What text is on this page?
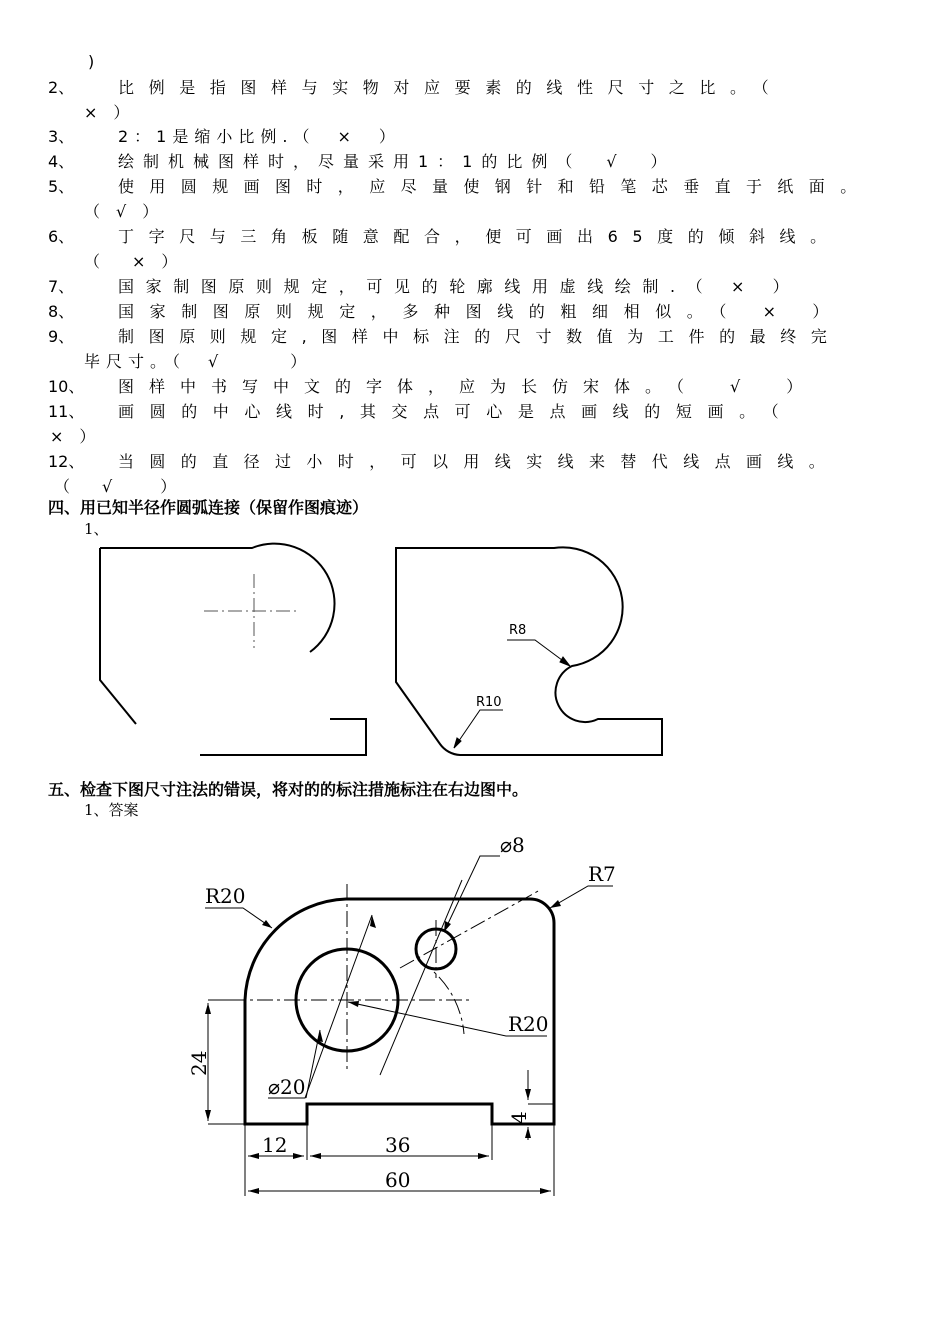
)
2、	比例是指图样与实物对应要素的线性尺寸之比。（
×　）
3、	2：1是缩小比例.（　×　）
4、	绘制机械图样时，尽量采用1：1的比例（　√　）
5、	使用圆规画图时，应尽量使钢针和铅笔芯垂直于纸面。
（　√　）
6、	丁字尺与三角板随意配合，便可画出65度的倾斜线。
（　　×　）
7、	国家制图原则规定，可见的轮廓线用虚线绘制.（ × ）
8、	国家制图原则规定，多种图线的粗细相似。（ × ）
9、	制图原则规定,图样中标注的尺寸数值为工件的最终完
毕尺寸。（　√　　　）
10、 图样中书写中文的字体，应为长仿宋体。（　√　）
11、 画圆的中心线时,其交点可心是点画线的短画。（
×　）
12、 当圆的直径过小时，可以用线实线来替代线点画线。
（　　√　　　）
四、用已知半径作圆弧连接（保留作图痕迹）
1、
R8
R10
五、检查下图尺寸注法的错误，将对的的标注措施标注在右边图中。
1、答案
R20
⌀8
R7
R20
24
⌀20
4
12	36
60
